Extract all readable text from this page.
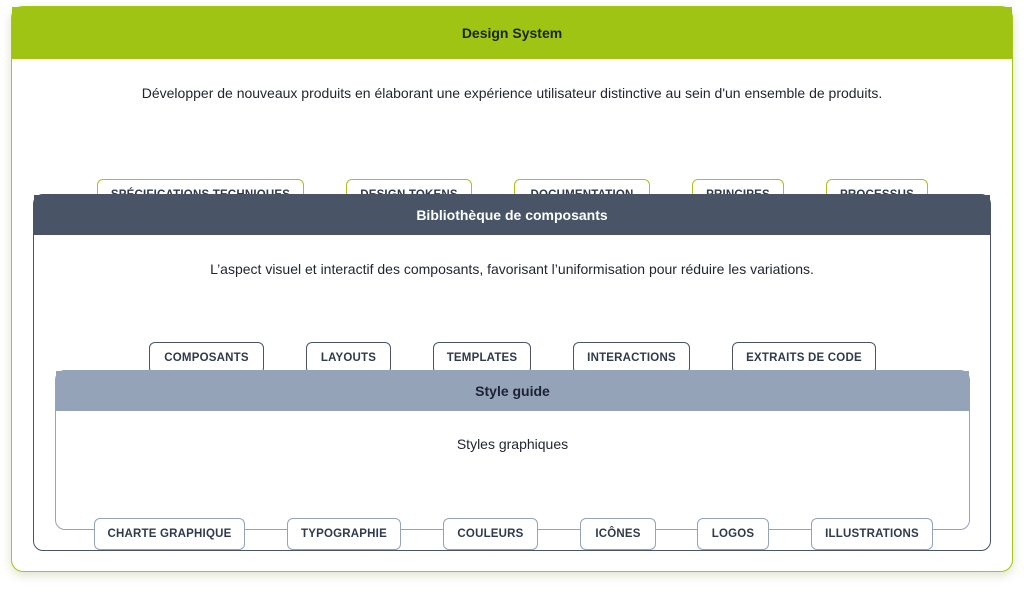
Design System
Développer de nouveaux produits en élaborant une expérience utilisateur distinctive au sein d'un ensemble de produits.
Bibliothèque de composants
L’aspect visuel et interactif des composants, favorisant l’uniformisation pour réduire les variations.
COMPOSANTS	LAYOUTS	TEMPLATES	INTERACTIONS	EXTRAITS DE CODE
Style guide
Styles graphiques
CHARTE GRAPHIQUE	TYPOGRAPHIE	COULEURS	ICÔNES	LOGOS	ILLUSTRATIONS
